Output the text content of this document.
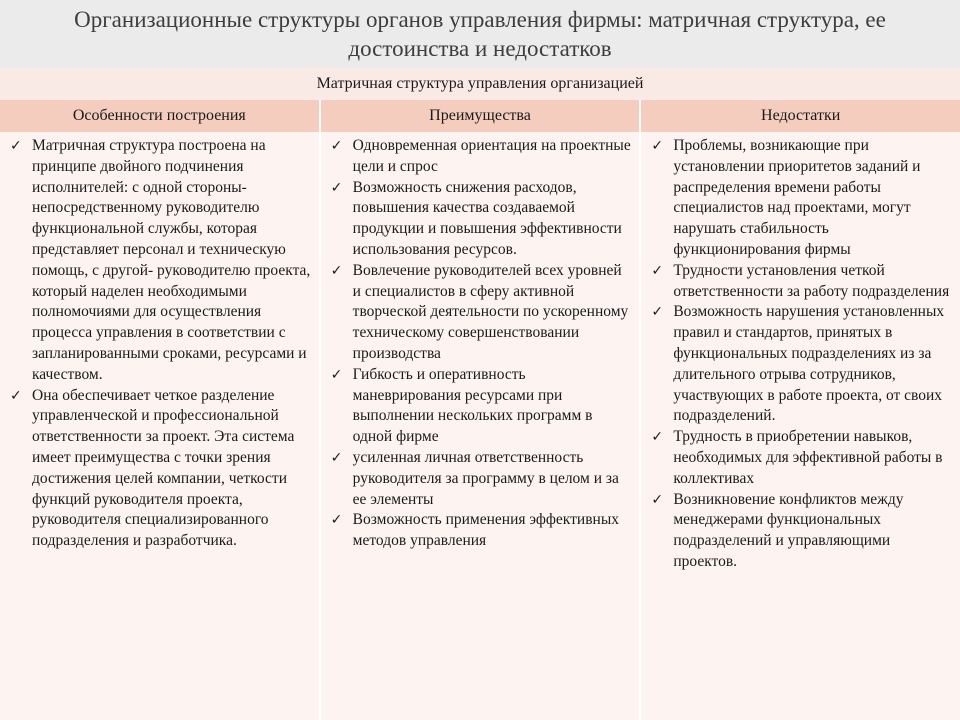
Организационные структуры органов управления фирмы: матричная структура, ее достоинства и недостатков
Матричная структура управления организацией
Особенности построения	Преимущества	Недостатки
✓ Матричная структура построена на принципе двойного подчинения исполнителей: с одной стороны- непосредственному руководителю функциональной службы, которая представляет персонал и техническую помощь, с другой- руководителю проекта, который наделен необходимыми полномочиями для осуществления процесса управления в соответствии с запланированными сроками, ресурсами и качеством.
✓ Она обеспечивает четкое разделение управленческой и профессиональной ответственности за проект. Эта система имеет преимущества с точки зрения достижения целей компании, четкости функций руководителя проекта, руководителя специализированного подразделения и разработчика.
✓ Одновременная ориентация на проектные цели и спрос
✓ Возможность снижения расходов, повышения качества создаваемой продукции и повышения эффективности использования ресурсов.
✓ Вовлечение руководителей всех уровней и специалистов в сферу активной творческой деятельности по ускоренному техническому совершенствовании производства
✓ Гибкость и оперативность маневрирования ресурсами при выполнении нескольких программ в одной фирме
✓ усиленная личная ответственность руководителя за программу в целом и за ее элементы
✓ Возможность применения эффективных методов управления
✓ Проблемы, возникающие при установлении приоритетов заданий и распределения времени работы специалистов над проектами, могут нарушать стабильность функционирования фирмы
✓ Трудности установления четкой ответственности за работу подразделения
✓ Возможность нарушения установленных правил и стандартов, принятых в функциональных подразделениях из за длительного отрыва сотрудников, участвующих в работе проекта, от своих подразделений.
✓ Трудность в приобретении навыков, необходимых для эффективной работы в коллективах
✓ Возникновение конфликтов между менеджерами функциональных подразделений и управляющими проектов.
